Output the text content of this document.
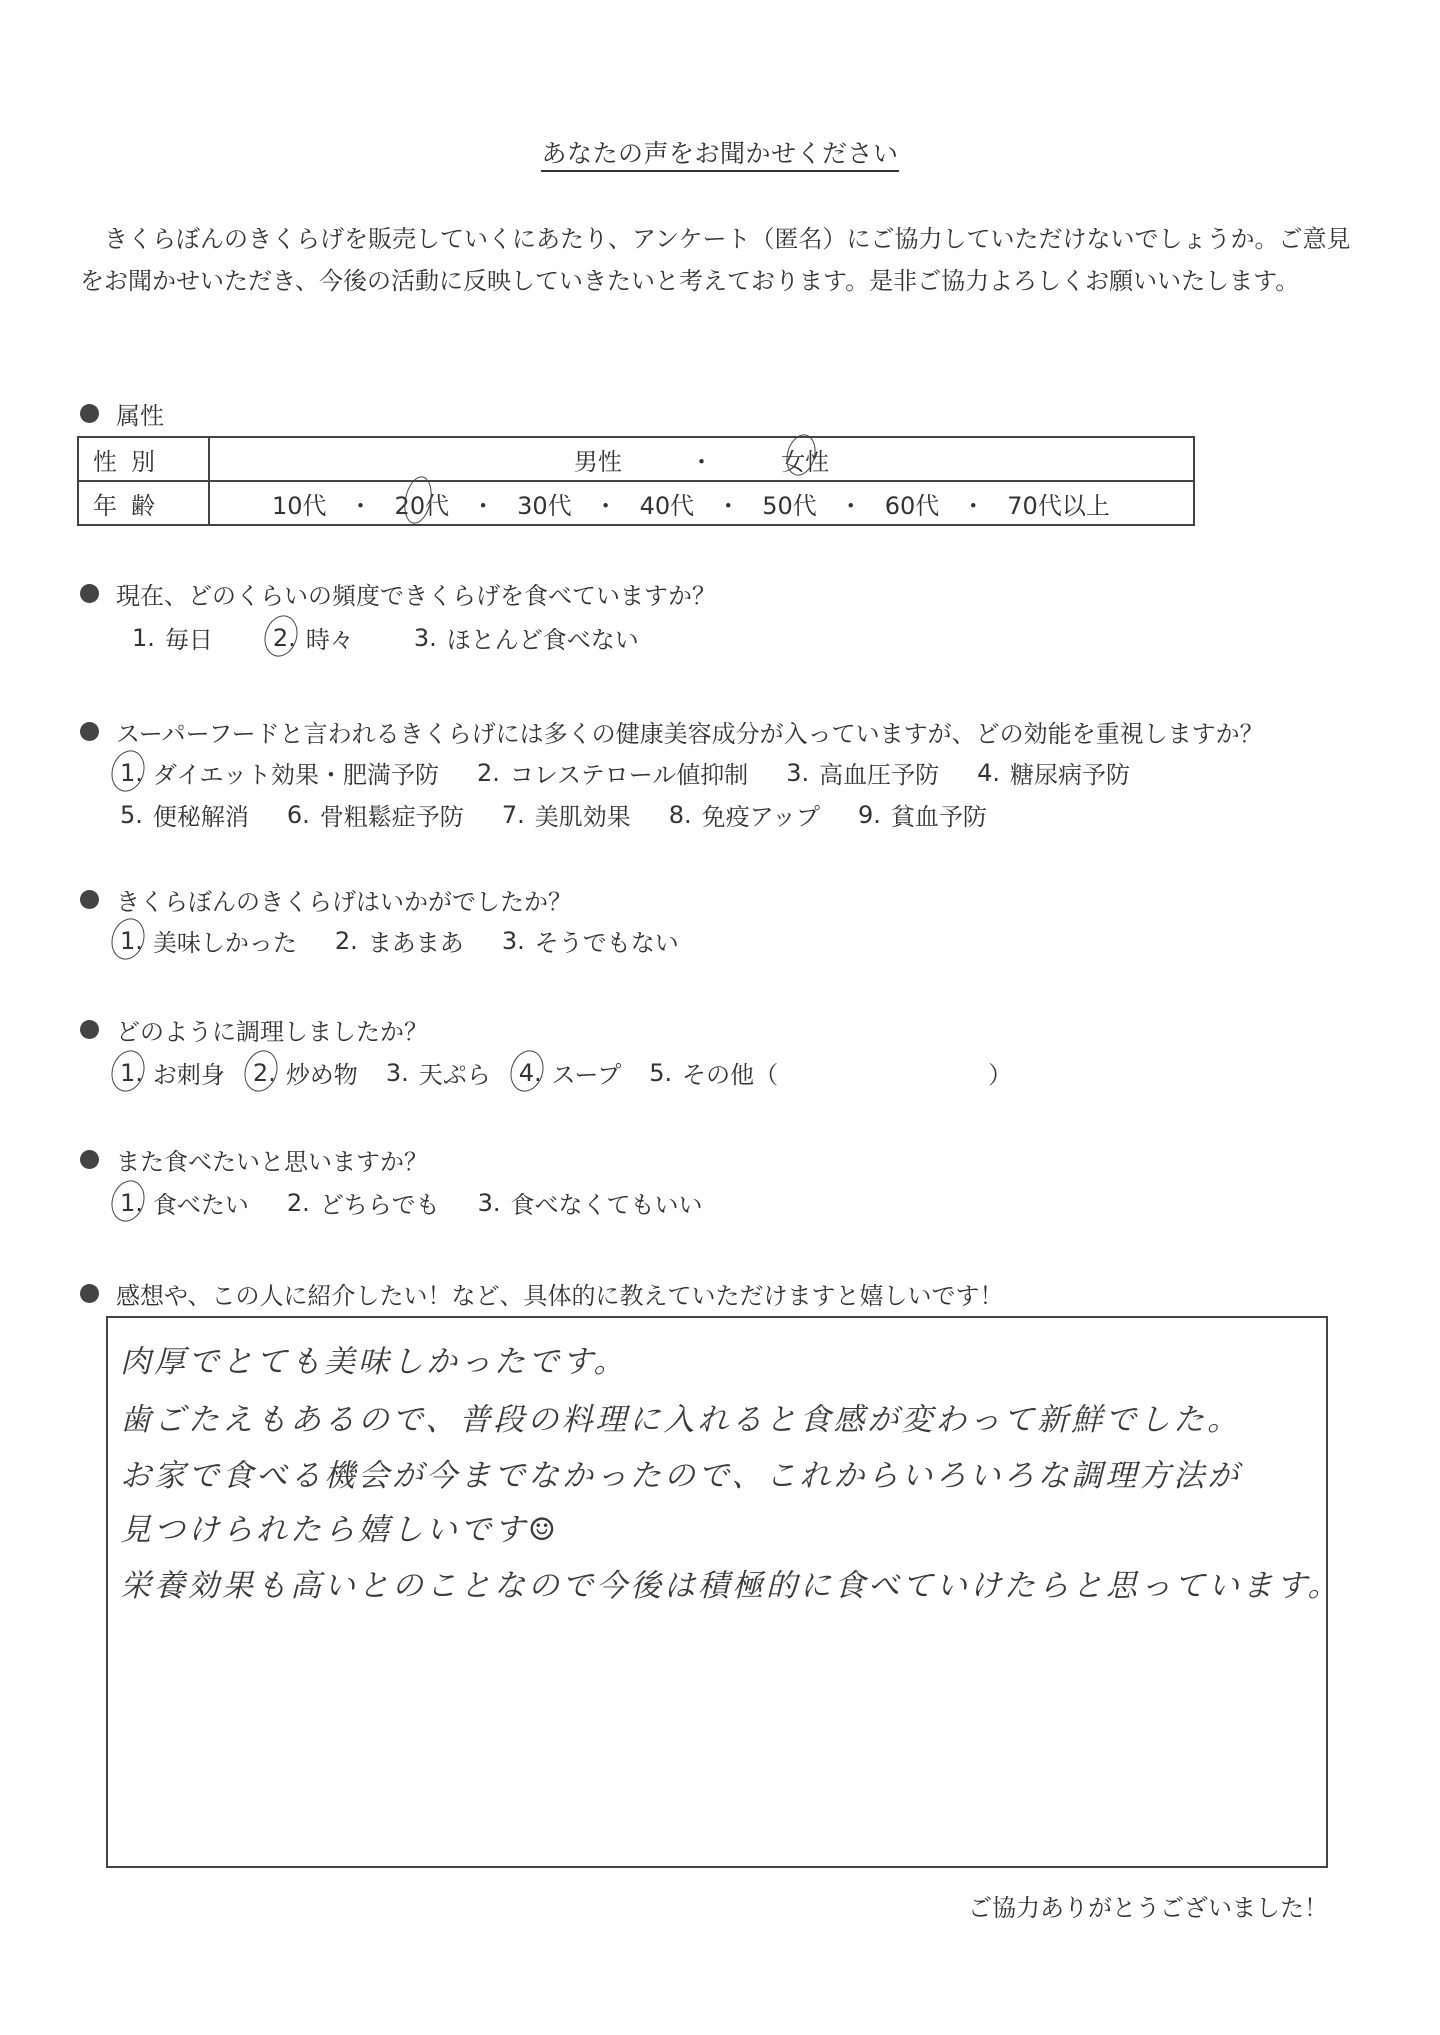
あなたの声をお聞かせください
きくらぼんのきくらげを販売していくにあたり、アンケート（匿名）にご協力していただけないでしょうか。ご意見をお聞かせいただき、今後の活動に反映していきたいと考えております。是非ご協力よろしくお願いいたします。
属性
性別	男性 ・ 女性

年齢	10代 ・ 20代 ・ 30代 ・ 40代 ・ 50代 ・ 60代 ・ 70代以上
現在、どのくらいの頻度できくらげを食べていますか？
1. 毎日	2. 時々	3. ほとんど食べない
スーパーフードと言われるきくらげには多くの健康美容成分が入っていますが、どの効能を重視しますか？
1. ダイエット効果・肥満予防 2. コレステロール値抑制 3. 高血圧予防 4. 糖尿病予防
5. 便秘解消 6. 骨粗鬆症予防 7. 美肌効果 8. 免疫アップ 9. 貧血予防
きくらぼんのきくらげはいかがでしたか？
1. 美味しかった 2. まあまあ 3. そうでもない
どのように調理しましたか？
1. お刺身 2. 炒め物 3. 天ぷら 4. スープ 5. その他（	）
また食べたいと思いますか？
1. 食べたい 2. どちらでも 3. 食べなくてもいい
感想や、この人に紹介したい！など、具体的に教えていただけますと嬉しいです！
肉厚でとても美味しかったです。
歯ごたえもあるので、普段の料理に入れると食感が変わって新鮮でした。
お家で食べる機会が今までなかったので、これからいろいろな調理方法が
見つけられたら嬉しいです☺
栄養効果も高いとのことなので今後は積極的に食べていけたらと思っています。
ご協力ありがとうございました！
